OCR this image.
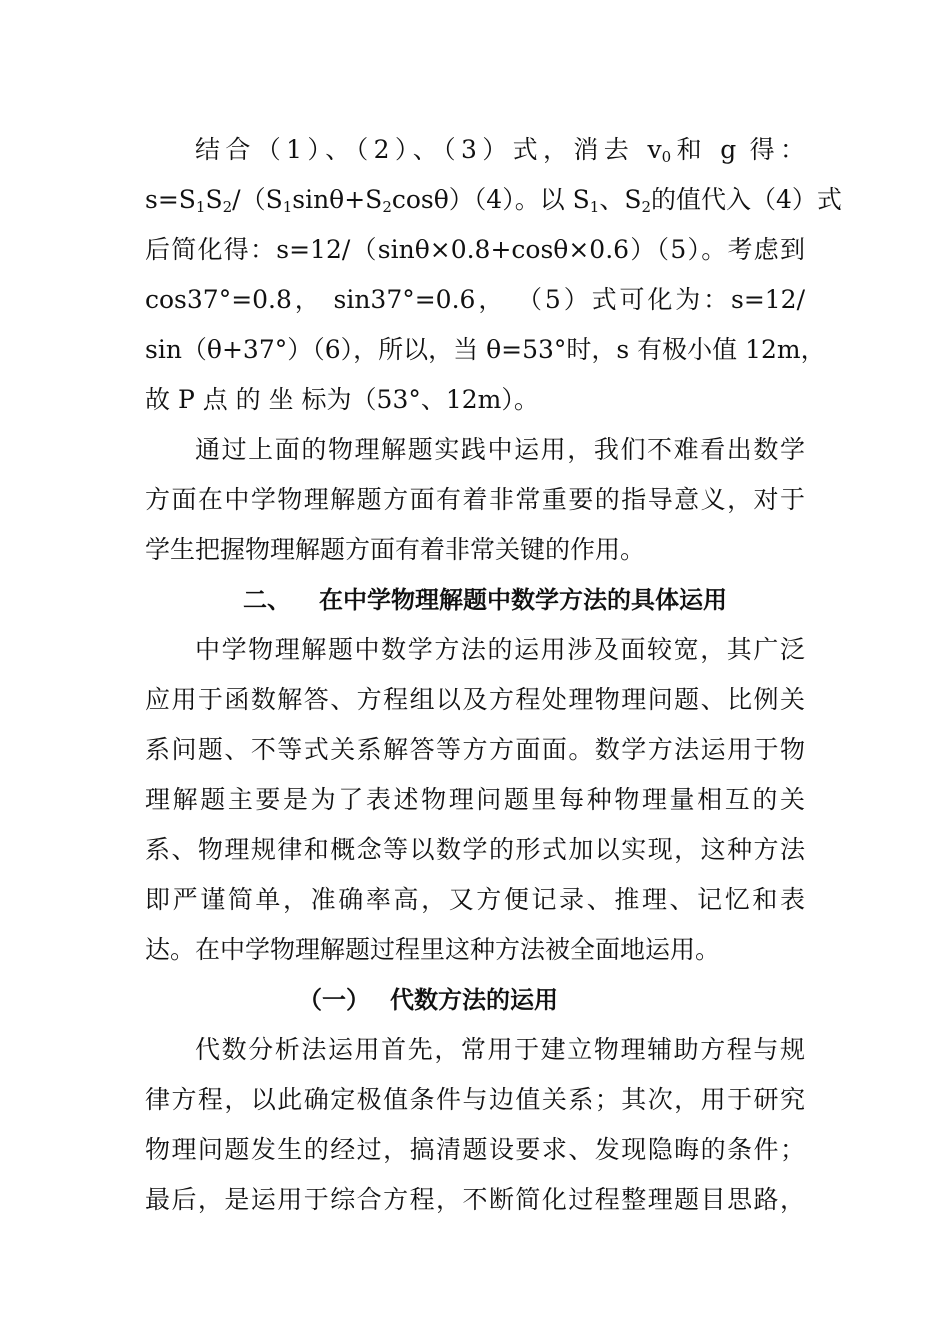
结合（1）、（2）、（3）式，消去 $v_0$和 g 得：
$s=S_1S_2/(S_1\sin\theta+S_2\cos\theta)(4)$。以 $S_1$、$S_2$的值代入（4）式
后简化得：s=12/（sinθ×0.8+cosθ×0.6）（5）。考虑到
cos37°=0.8， sin37°=0.6， （5）式可化为：s=12/
sin（θ+37°）（6），所以，当 θ=53°时，s 有极小值 12m，
故 P 点 的 坐 标为（53°、12m）。
通过上面的物理解题实践中运用，我们不难看出数学
方面在中学物理解题方面有着非常重要的指导意义，对于
学生把握物理解题方面有着非常关键的作用。
二、 在中学物理解题中数学方法的具体运用
中学物理解题中数学方法的运用涉及面较宽，其广泛
应用于函数解答、方程组以及方程处理物理问题、比例关
系问题、不等式关系解答等方方面面。数学方法运用于物
理解题主要是为了表述物理问题里每种物理量相互的关
系、物理规律和概念等以数学的形式加以实现，这种方法
即严谨简单，准确率高，又方便记录、推理、记忆和表
达。在中学物理解题过程里这种方法被全面地运用。
（一） 代数方法的运用
代数分析法运用首先，常用于建立物理辅助方程与规
律方程，以此确定极值条件与边值关系；其次，用于研究
物理问题发生的经过，搞清题设要求、发现隐晦的条件；
最后，是运用于综合方程，不断简化过程整理题目思路，
